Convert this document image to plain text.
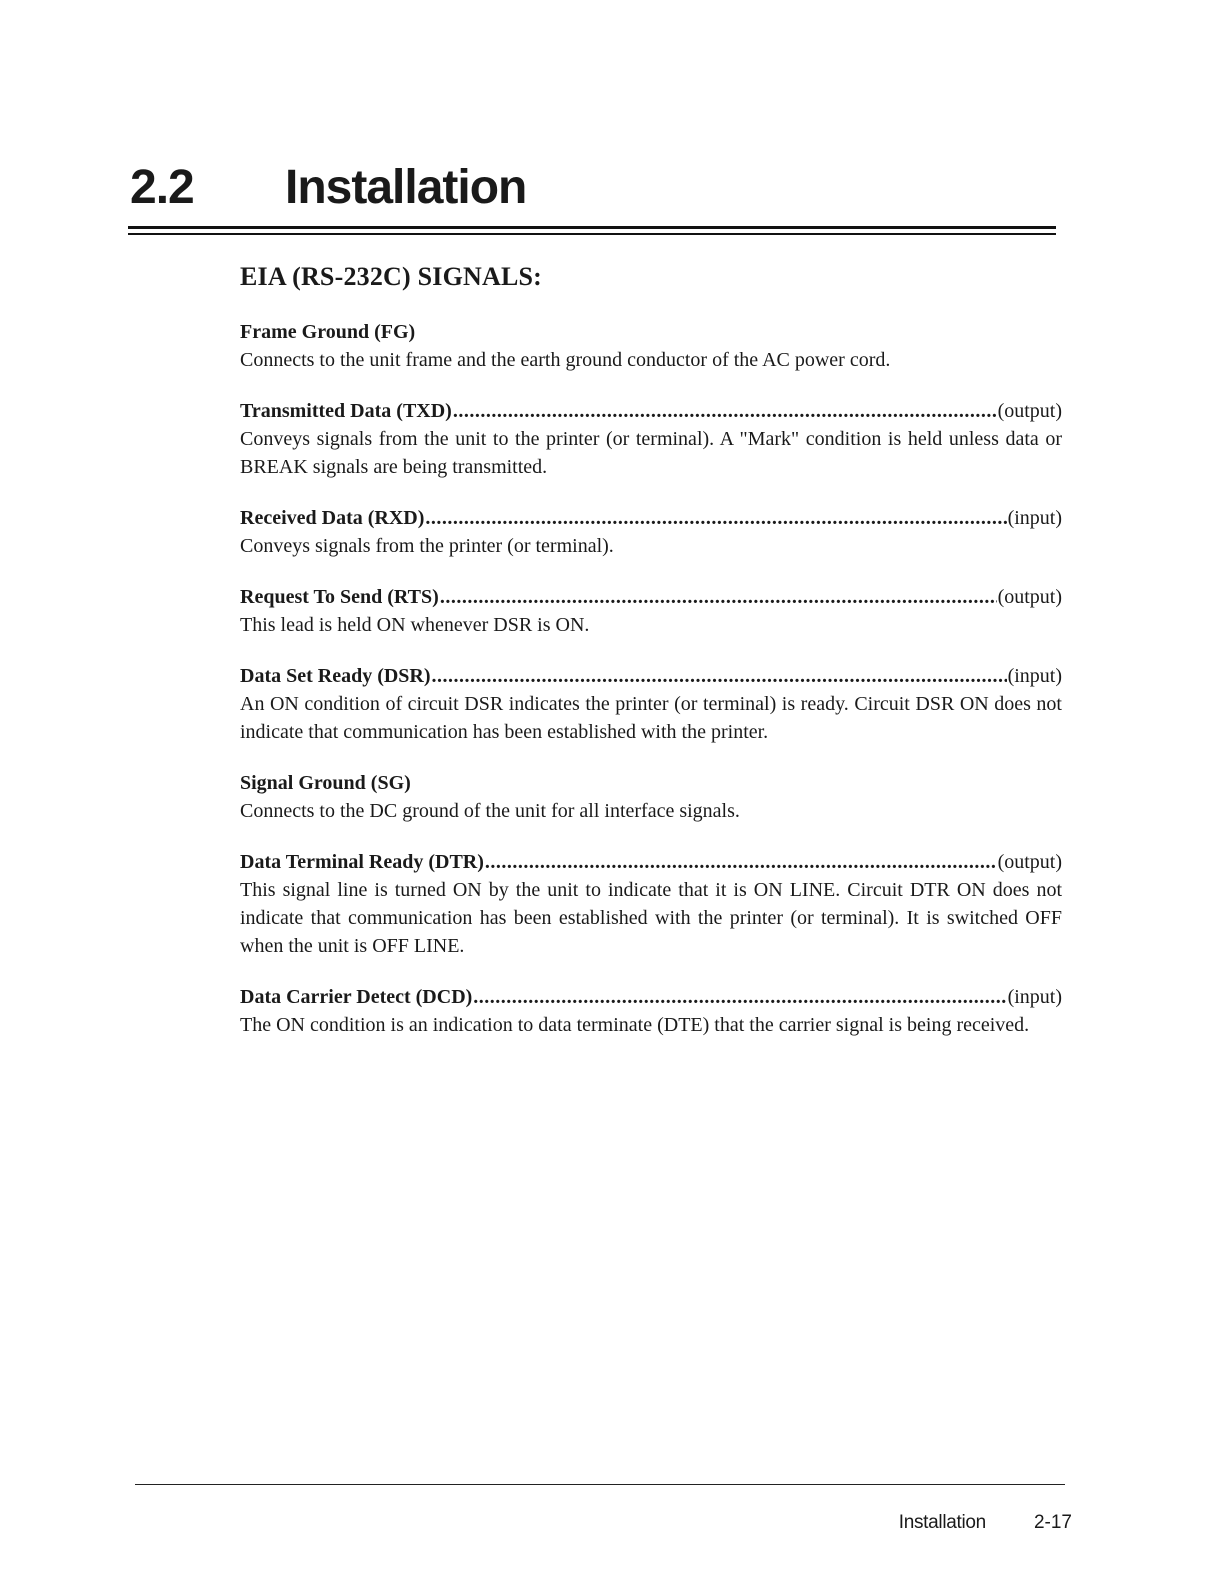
2.2 Installation
EIA (RS-232C) SIGNALS:
Frame Ground (FG)
Connects to the unit frame and the earth ground conductor of the AC power cord.
Transmitted Data (TXD) .....	(output)
Conveys signals from the unit to the printer (or terminal). A "Mark" condition is held unless data or BREAK signals are being transmitted.
Received Data (RXD) .....	(input)
Conveys signals from the printer (or terminal).
Request To Send (RTS) .....	(output)
This lead is held ON whenever DSR is ON.
Data Set Ready (DSR) .....	(input)
An ON condition of circuit DSR indicates the printer (or terminal) is ready. Circuit DSR ON does not indicate that communication has been established with the printer.
Signal Ground (SG)
Connects to the DC ground of the unit for all interface signals.
Data Terminal Ready (DTR) .....	(output)
This signal line is turned ON by the unit to indicate that it is ON LINE. Circuit DTR ON does not indicate that communication has been established with the printer (or terminal). It is switched OFF when the unit is OFF LINE.
Data Carrier Detect (DCD) .....	(input)
The ON condition is an indication to data terminate (DTE) that the carrier signal is being received.
Installation	2-17
